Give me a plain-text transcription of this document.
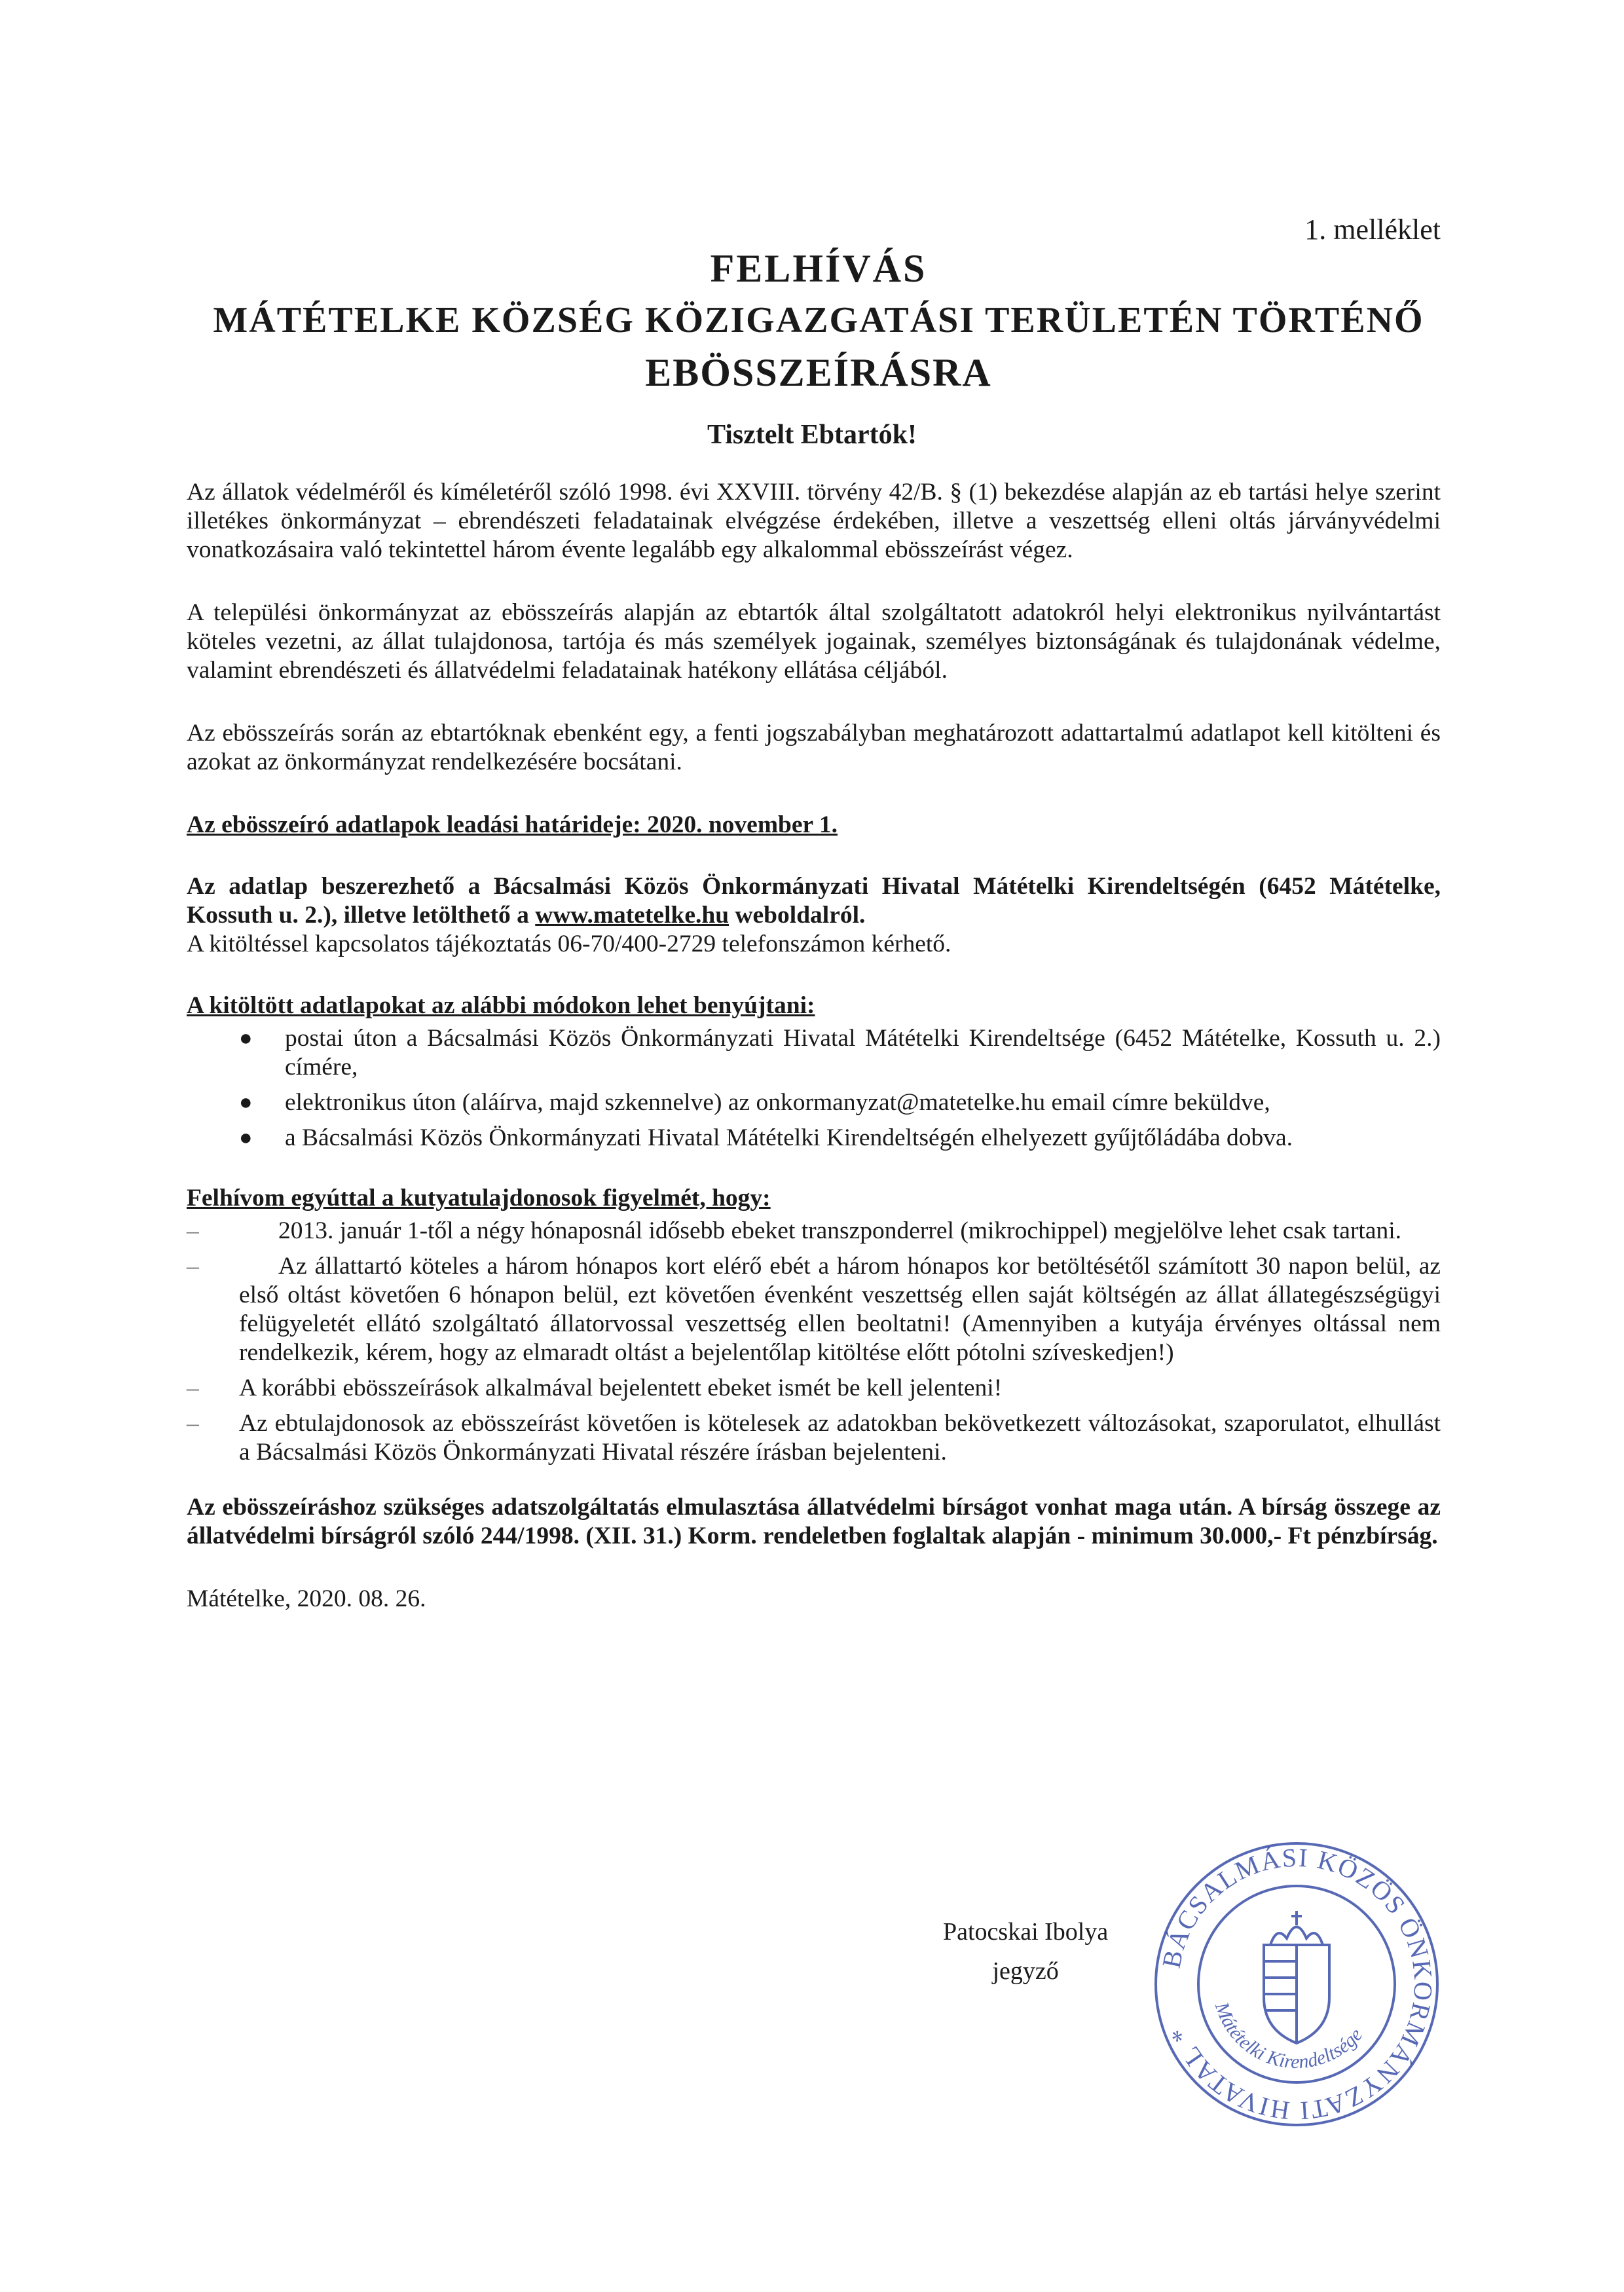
1. melléklet
FELHÍVÁS
MÁTÉTELKE KÖZSÉG KÖZIGAZGATÁSI TERÜLETÉN TÖRTÉNŐ
EBÖSSZEÍRÁSRA
Tisztelt Ebtartók!

Az állatok védelméről és kíméletéről szóló 1998. évi XXVIII. törvény 42/B. § (1) bekezdése alapján az eb tartási helye szerint illetékes önkormányzat – ebrendészeti feladatainak elvégzése érdekében, illetve a veszettség elleni oltás járványvédelmi vonatkozásaira való tekintettel három évente legalább egy alkalommal ebösszeírást végez.

A települési önkormányzat az ebösszeírás alapján az ebtartók által szolgáltatott adatokról helyi elektronikus nyilvántartást köteles vezetni, az állat tulajdonosa, tartója és más személyek jogainak, személyes biztonságának és tulajdonának védelme, valamint ebrendészeti és állatvédelmi feladatainak hatékony ellátása céljából.

Az ebösszeírás során az ebtartóknak ebenként egy, a fenti jogszabályban meghatározott adattartalmú adatlapot kell kitölteni és azokat az önkormányzat rendelkezésére bocsátani.

Az ebösszeíró adatlapok leadási határideje: 2020. november 1.

Az adatlap beszerezhető a Bácsalmási Közös Önkormányzati Hivatal Mátételki Kirendeltségén (6452 Mátételke, Kossuth u. 2.), illetve letölthető a www.matetelke.hu weboldalról.
A kitöltéssel kapcsolatos tájékoztatás 06-70/400-2729 telefonszámon kérhető.

A kitöltött adatlapokat az alábbi módokon lehet benyújtani:

● postai úton a Bácsalmási Közös Önkormányzati Hivatal Mátételki Kirendeltsége (6452 Mátételke, Kossuth u. 2.) címére,
● elektronikus úton (aláírva, majd szkennelve) az onkormanyzat@matetelke.hu email címre beküldve,
● a Bácsalmási Közös Önkormányzati Hivatal Mátételki Kirendeltségén elhelyezett gyűjtőládába dobva.

Felhívom egyúttal a kutyatulajdonosok figyelmét, hogy:

–	2013. január 1-től a négy hónaposnál idősebb ebeket transzponderrel (mikrochippel) megjelölve lehet csak tartani.
–	Az állattartó köteles a három hónapos kort elérő ebét a három hónapos kor betöltésétől számított 30 napon belül, az első oltást követően 6 hónapon belül, ezt követően évenként veszettség ellen saját költségén az állat állategészségügyi felügyeletét ellátó szolgáltató állatorvossal veszettség ellen beoltatni! (Amennyiben a kutyája érvényes oltással nem rendelkezik, kérem, hogy az elmaradt oltást a bejelentőlap kitöltése előtt pótolni szíveskedjen!)
– A korábbi ebösszeírások alkalmával bejelentett ebeket ismét be kell jelenteni!
– Az ebtulajdonosok az ebösszeírást követően is kötelesek az adatokban bekövetkezett változásokat, szaporulatot, elhullást a Bácsalmási Közös Önkormányzati Hivatal részére írásban bejelenteni.

Az ebösszeíráshoz szükséges adatszolgáltatás elmulasztása állatvédelmi bírságot vonhat maga után. A bírság összege az állatvédelmi bírságról szóló 244/1998. (XII. 31.) Korm. rendeletben foglaltak alapján - minimum 30.000,- Ft pénzbírság.

Mátételke, 2020. 08. 26.

Patocskai Ibolya
jegyző	BÁCSALMÁSI KÖZÖS ÖNKORMÁNYZATI HIVATAL *
Mátételki Kirendeltsége
